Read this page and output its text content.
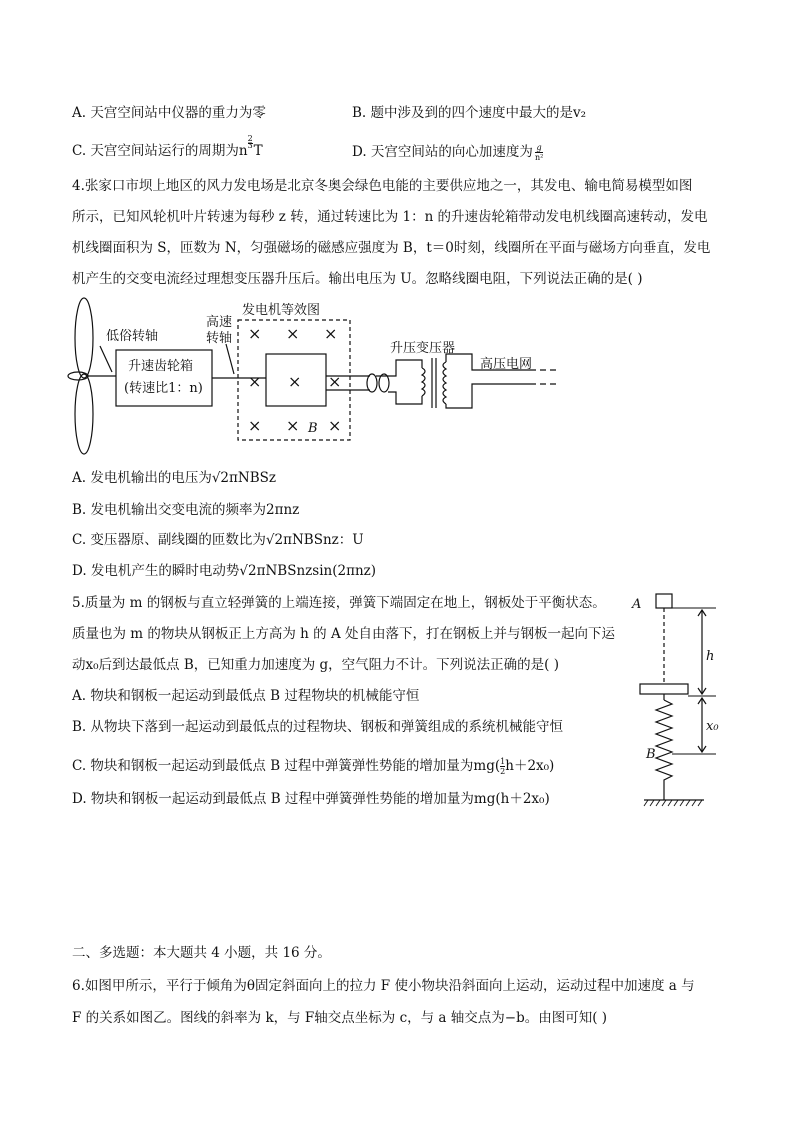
A. 天宫空间站中仪器的重力为零	B. 题中涉及到的四个速度中最大的是v₂
C. 天宫空间站运行的周期为n 3
2
T	D. 天宫空间站的向心加速度为 $\frac{g}{\text{n²}}$
4.张家口市坝上地区的风力发电场是北京冬奥会绿色电能的主要供应地之一，其发电、输电简易模型如图
所示，已知风轮机叶片转速为每秒 z 转，通过转速比为 1：n 的升速齿轮箱带动发电机线圈高速转动，发电
机线圈面积为 S，匝数为 N，匀强磁场的磁感应强度为 B，t＝0时刻，线圈所在平面与磁场方向垂直，发电
机产生的交变电流经过理想变压器升压后。输出电压为 U。忽略线圈电阻，下列说法正确的是( )
低俗转轴
高速
转轴
升速齿轮箱
(转速比1：n)
发电机等效图
升压变压器
高压电网
B
× × ×
× × ×
× × ×
A. 发电机输出的电压为√2πNBSz
B. 发电机输出交变电流的频率为2πnz
C. 变压器原、副线圈的匝数比为√2πNBSnz：U
D. 发电机产生的瞬时电动势√2πNBSnzsin(2πnz)
5.质量为 m 的钢板与直立轻弹簧的上端连接，弹簧下端固定在地上，钢板处于平衡状态。
质量也为 m 的物块从钢板正上方高为 h 的 A 处自由落下，打在钢板上并与钢板一起向下运
动x₀后到达最低点 B，已知重力加速度为 g，空气阻力不计。下列说法正确的是( )
A. 物块和钢板一起运动到最低点 B 过程物块的机械能守恒
B. 从物块下落到一起运动到最低点的过程物块、钢板和弹簧组成的系统机械能守恒
C. 物块和钢板一起运动到最低点 B 过程中弹簧弹性势能的增加量为$mg( \frac{1}{2} h+2x_0)$
D. 物块和钢板一起运动到最低点 B 过程中弹簧弹性势能的增加量为mg(h＋2x₀)
A
h
x₀
B
二、多选题：本大题共 4 小题，共 16 分。
6.如图甲所示，平行于倾角为θ固定斜面向上的拉力 F 使小物块沿斜面向上运动，运动过程中加速度 a 与
F 的关系如图乙。图线的斜率为 k，与 F轴交点坐标为 c，与 a 轴交点为−b。由图可知( )
